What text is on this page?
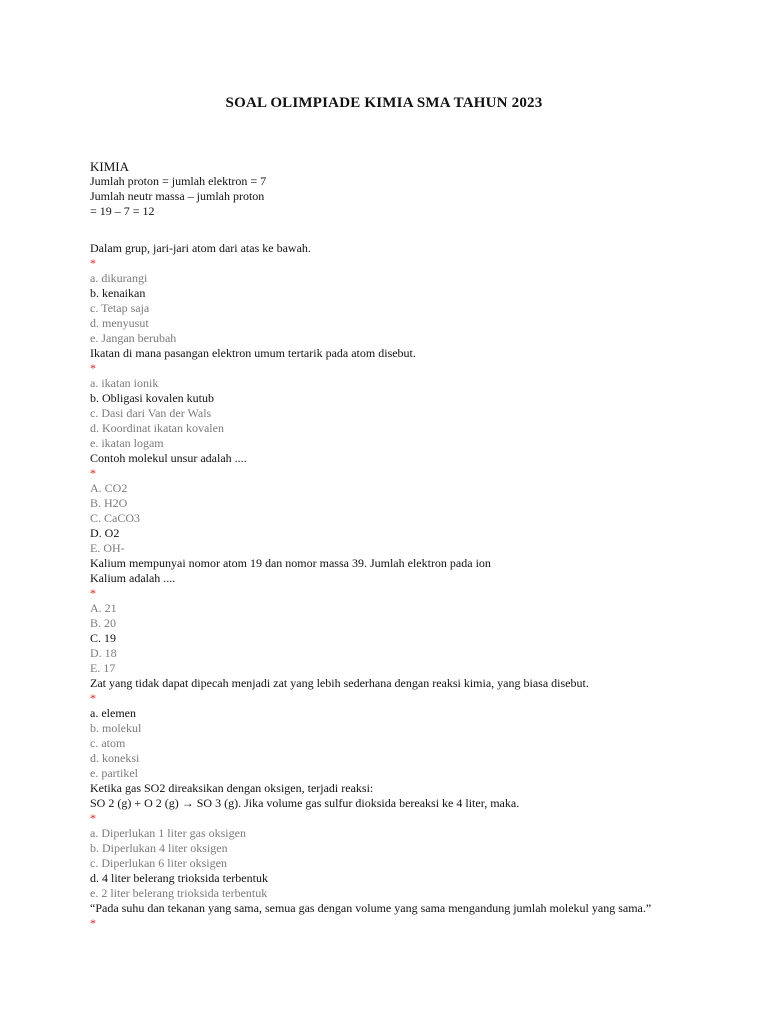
SOAL OLIMPIADE KIMIA SMA TAHUN 2023
KIMIA
Jumlah proton = jumlah elektron = 7
Jumlah neutr massa – jumlah proton
= 19 – 7 = 12
Dalam grup, jari-jari atom dari atas ke bawah.
*
a. dikurangi
b. kenaikan
c. Tetap saja
d. menyusut
e. Jangan berubah
Ikatan di mana pasangan elektron umum tertarik pada atom disebut.
*
a. ikatan ionik
b. Obligasi kovalen kutub
c. Dasi dari Van der Wals
d. Koordinat ikatan kovalen
e. ikatan logam
Contoh molekul unsur adalah ....
*
A. CO2
B. H2O
C. CaCO3
D. O2
E. OH-
Kalium mempunyai nomor atom 19 dan nomor massa 39. Jumlah elektron pada ion
Kalium adalah ....
*
A. 21
B. 20
C. 19
D. 18
E. 17
Zat yang tidak dapat dipecah menjadi zat yang lebih sederhana dengan reaksi kimia, yang biasa disebut.
*
a. elemen
b. molekul
c. atom
d. koneksi
e. partikel
Ketika gas SO2 direaksikan dengan oksigen, terjadi reaksi:
SO 2 (g) + O 2 (g) → SO 3 (g). Jika volume gas sulfur dioksida bereaksi ke 4 liter, maka.
*
a. Diperlukan 1 liter gas oksigen
b. Diperlukan 4 liter oksigen
c. Diperlukan 6 liter oksigen
d. 4 liter belerang trioksida terbentuk
e. 2 liter belerang trioksida terbentuk
“Pada suhu dan tekanan yang sama, semua gas dengan volume yang sama mengandung jumlah molekul yang sama.”
*
